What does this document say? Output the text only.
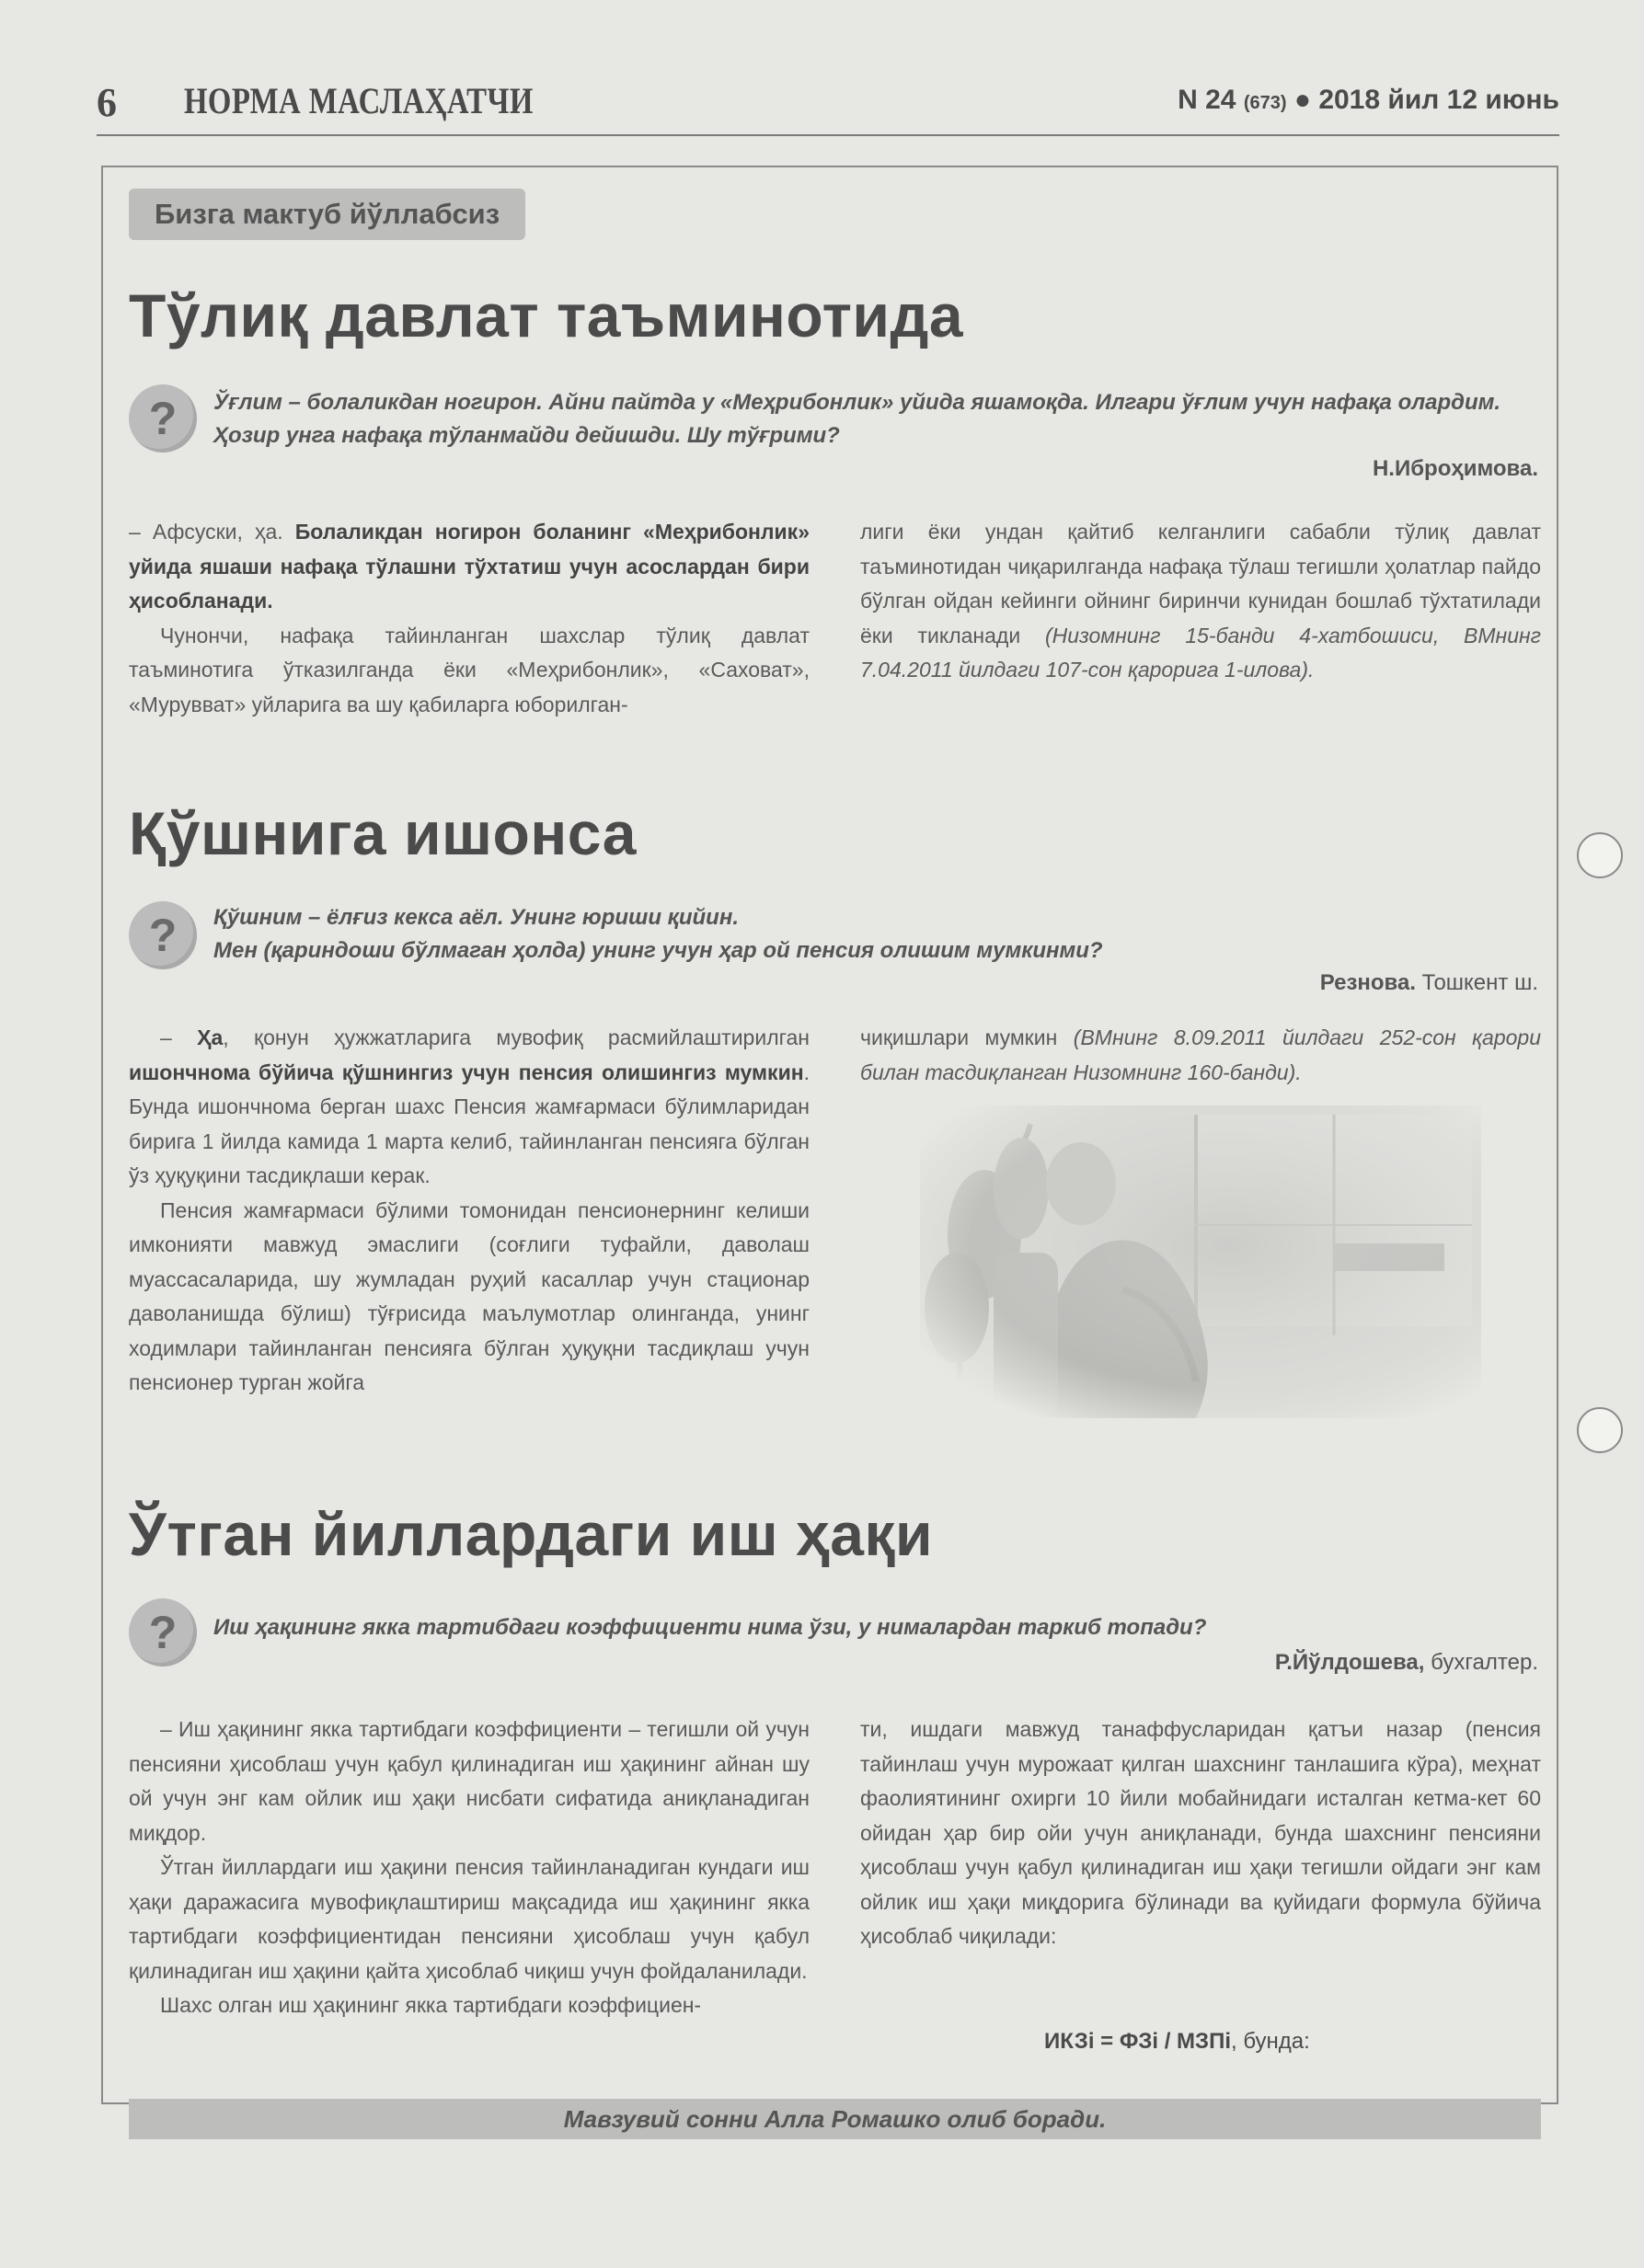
6 НОРМА МАСЛАҲАТЧИ	N 24 (673) ● 2018 йил 12 июнь
Бизга мактуб йўллабсиз
Тўлиқ давлат таъминотида
?	Ўғлим – болаликдан ногирон. Айни пайтда у «Меҳрибонлик» уйида яшамоқда. Илгари ўғлим учун нафақа олардим. Ҳозир унга нафақа тўланмайди дейишди. Шу тўғрими?
Н.Иброҳимова.

– Афсуски, ҳа. Болаликдан ногирон боланинг «Меҳрибонлик» уйида яшаши нафақа тўлашни тўхтатиш учун асослардан бири ҳисобланади.

Чунончи, нафақа тайинланган шахслар тўлиқ давлат таъминотига ўтказилганда ёки «Меҳрибонлик», «Саховат», «Мурувват» уйларига ва шу қабиларга юборилган-

лиги ёки ундан қайтиб келганлиги сабабли тўлиқ давлат таъминотидан чиқарилганда нафақа тўлаш тегишли ҳолатлар пайдо бўлган ойдан кейинги ойнинг биринчи кунидан бошлаб тўхтатилади ёки тикланади (Низомнинг 15-банди 4-хатбошиси, ВМнинг 7.04.2011 йилдаги 107-сон қарорига 1-илова).

Қўшнига ишонса
?	Қўшним – ёлғиз кекса аёл. Унинг юриши қийин.
Мен (қариндоши бўлмаган ҳолда) унинг учун ҳар ой пенсия олишим мумкинми?
Резнова. Тошкент ш.

– Ҳа, қонун ҳужжатларига мувофиқ расмийлаштирилган ишончнома бўйича қўшнингиз учун пенсия олишингиз мумкин. Бунда ишончнома берган шахс Пенсия жамғармаси бўлимларидан бирига 1 йилда камида 1 марта келиб, тайинланган пенсияга бўлган ўз ҳуқуқини тасдиқлаши керак.

Пенсия жамғармаси бўлими томонидан пенсионернинг келиши имконияти мавжуд эмаслиги (соғлиги туфайли, даволаш муассасаларида, шу жумладан руҳий касаллар учун стационар даволанишда бўлиш) тўғрисида маълумотлар олинганда, унинг ходимлари тайинланган пенсияга бўлган ҳуқуқни тасдиқлаш учун пенсионер турган жойга

чиқишлари мумкин (ВМнинг 8.09.2011 йилдаги 252-сон қарори билан тасдиқланган Низомнинг 160-банди).

Ўтган йиллардаги иш ҳақи
?	Иш ҳақининг якка тартибдаги коэффициенти нима ўзи, у нималардан таркиб топади?
Р.Йўлдошева, бухгалтер.

– Иш ҳақининг якка тартибдаги коэффициенти – тегишли ой учун пенсияни ҳисоблаш учун қабул қилинадиган иш ҳақининг айнан шу ой учун энг кам ойлик иш ҳақи нисбати сифатида аниқланадиган миқдор.

Ўтган йиллардаги иш ҳақини пенсия тайинланадиган кундаги иш ҳақи даражасига мувофиқлаштириш мақсадида иш ҳақининг якка тартибдаги коэффициентидан пенсияни ҳисоблаш учун қабул қилинадиган иш ҳақини қайта ҳисоблаб чиқиш учун фойдаланилади.

Шахс олган иш ҳақининг якка тартибдаги коэффициен-

ти, ишдаги мавжуд танаффусларидан қатъи назар (пенсия тайинлаш учун мурожаат қилган шахснинг танлашига кўра), меҳнат фаолиятининг охирги 10 йили мобайнидаги исталган кетма-кет 60 ойидан ҳар бир ойи учун аниқланади, бунда шахснинг пенсияни ҳисоблаш учун қабул қилинадиган иш ҳақи тегишли ойдаги энг кам ойлик иш ҳақи миқдорига бўлинади ва қуйидаги формула бўйича ҳисоблаб чиқилади:

ИКЗі = ФЗі / МЗПі, бунда:
Мавзувий сонни Алла Ромашко олиб боради.
